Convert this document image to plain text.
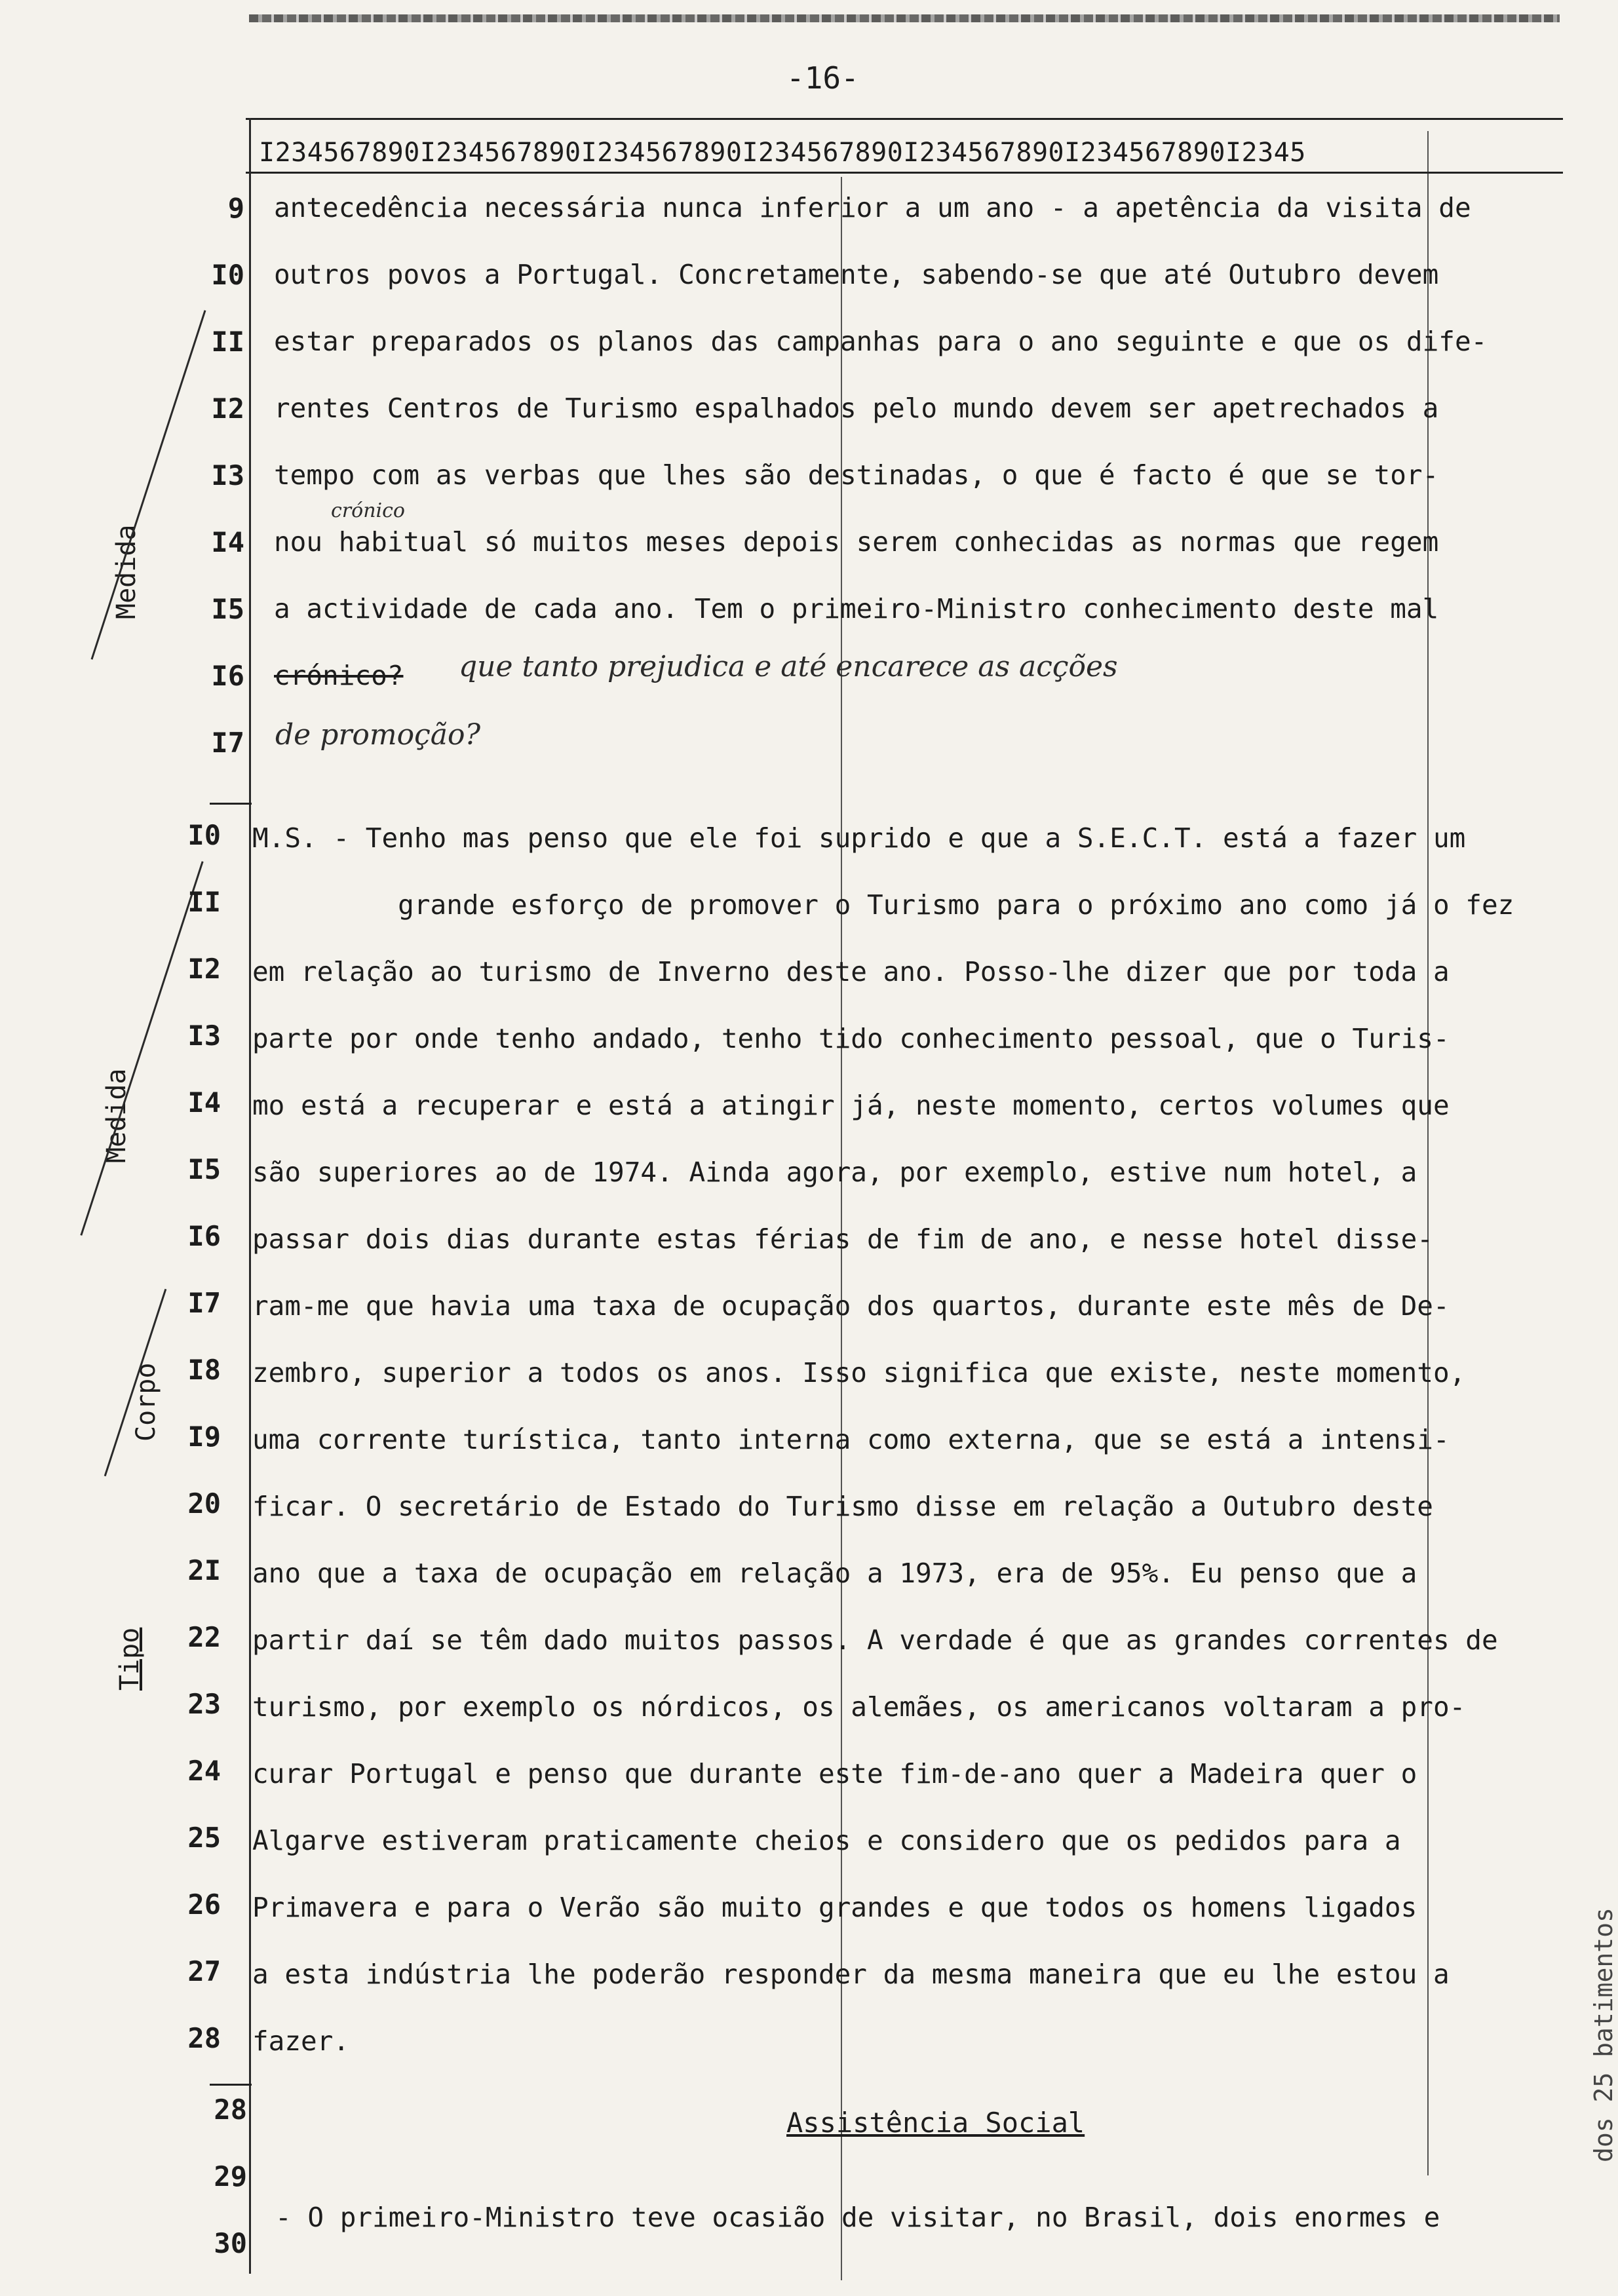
-16-
I234567890I234567890I234567890I234567890I234567890I234567890I2345
Medida
Medida
Corpo
Tipo
dos 25 batimentos
9
I0
II
I2
I3
I4
I5
I6
I7
antecedência necessária nunca inferior a um ano - a apetência da visita de
outros povos a Portugal. Concretamente, sabendo-se que até Outubro devem
estar preparados os planos das campanhas para o ano seguinte e que os dife-
rentes Centros de Turismo espalhados pelo mundo devem ser apetrechados a
tempo com as verbas que lhes são destinadas, o que é facto é que se tor-
nou habitual só muitos meses depois serem conhecidas as normas que regem
a actividade de cada ano. Tem o primeiro-Ministro conhecimento deste mal
crónico?
crónico
que tanto prejudica e até encarece as acções
de promoção?
I0
II
I2
I3
I4
I5
I6
I7
I8
I9
20
2I
22
23
24
25
26
27
28
M.S. - Tenho mas penso que ele foi suprido e que a S.E.C.T. está a fazer um
grande esforço de promover o Turismo para o próximo ano como já o fez
em relação ao turismo de Inverno deste ano. Posso-lhe dizer que por toda a
parte por onde tenho andado, tenho tido conhecimento pessoal, que o Turis-
mo está a recuperar e está a atingir já, neste momento, certos volumes que
são superiores ao de 1974. Ainda agora, por exemplo, estive num hotel, a
passar dois dias durante estas férias de fim de ano, e nesse hotel disse-
ram-me que havia uma taxa de ocupação dos quartos, durante este mês de De-
zembro, superior a todos os anos. Isso significa que existe, neste momento,
uma corrente turística, tanto interna como externa, que se está a intensi-
ficar. O secretário de Estado do Turismo disse em relação a Outubro deste
ano que a taxa de ocupação em relação a 1973, era de 95%. Eu penso que a
partir daí se têm dado muitos passos. A verdade é que as grandes correntes de
turismo, por exemplo os nórdicos, os alemães, os americanos voltaram a pro-
curar Portugal e penso que durante este fim-de-ano quer a Madeira quer o
Algarve estiveram praticamente cheios e considero que os pedidos para a
Primavera e para o Verão são muito grandes e que todos os homens ligados
a esta indústria lhe poderão responder da mesma maneira que eu lhe estou a
fazer.
28
29
30
Assistência Social
- O primeiro-Ministro teve ocasião de visitar, no Brasil, dois enormes e
